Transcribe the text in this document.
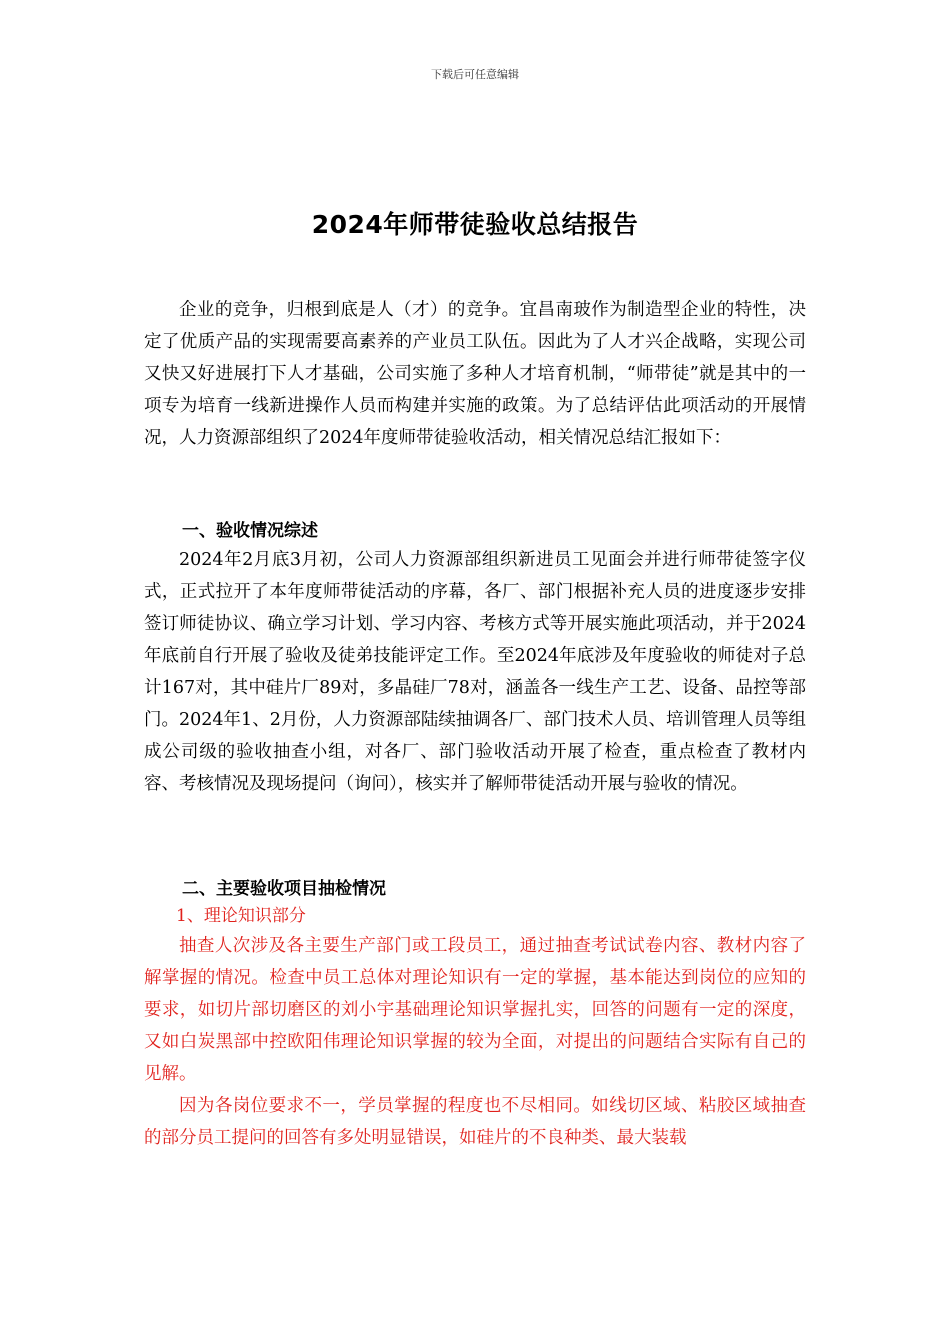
下载后可任意编辑
2024年师带徒验收总结报告

企业的竞争，归根到底是人（才）的竞争。宜昌南玻作为制造型企业的特性，决定了优质产品的实现需要高素养的产业员工队伍。因此为了人才兴企战略，实现公司又快又好进展打下人才基础，公司实施了多种人才培育机制，“师带徒”就是其中的一项专为培育一线新进操作人员而构建并实施的政策。为了总结评估此项活动的开展情况，人力资源部组织了2024年度师带徒验收活动，相关情况总结汇报如下：

一、验收情况综述

2024年2月底3月初，公司人力资源部组织新进员工见面会并进行师带徒签字仪式，正式拉开了本年度师带徒活动的序幕，各厂、部门根据补充人员的进度逐步安排签订师徒协议、确立学习计划、学习内容、考核方式等开展实施此项活动，并于2024年底前自行开展了验收及徒弟技能评定工作。至2024年底涉及年度验收的师徒对子总计167对，其中硅片厂89对，多晶硅厂78对，涵盖各一线生产工艺、设备、品控等部门。2024年1、2月份，人力资源部陆续抽调各厂、部门技术人员、培训管理人员等组成公司级的验收抽查小组，对各厂、部门验收活动开展了检查，重点检查了教材内容、考核情况及现场提问（询问），核实并了解师带徒活动开展与验收的情况。

二、主要验收项目抽检情况
1、理论知识部分

抽查人次涉及各主要生产部门或工段员工，通过抽查考试试卷内容、教材内容了解掌握的情况。检查中员工总体对理论知识有一定的掌握，基本能达到岗位的应知的要求，如切片部切磨区的刘小宇基础理论知识掌握扎实，回答的问题有一定的深度，又如白炭黑部中控欧阳伟理论知识掌握的较为全面，对提出的问题结合实际有自己的见解。

因为各岗位要求不一，学员掌握的程度也不尽相同。如线切区域、粘胶区域抽查的部分员工提问的回答有多处明显错误，如硅片的不良种类、最大装载
